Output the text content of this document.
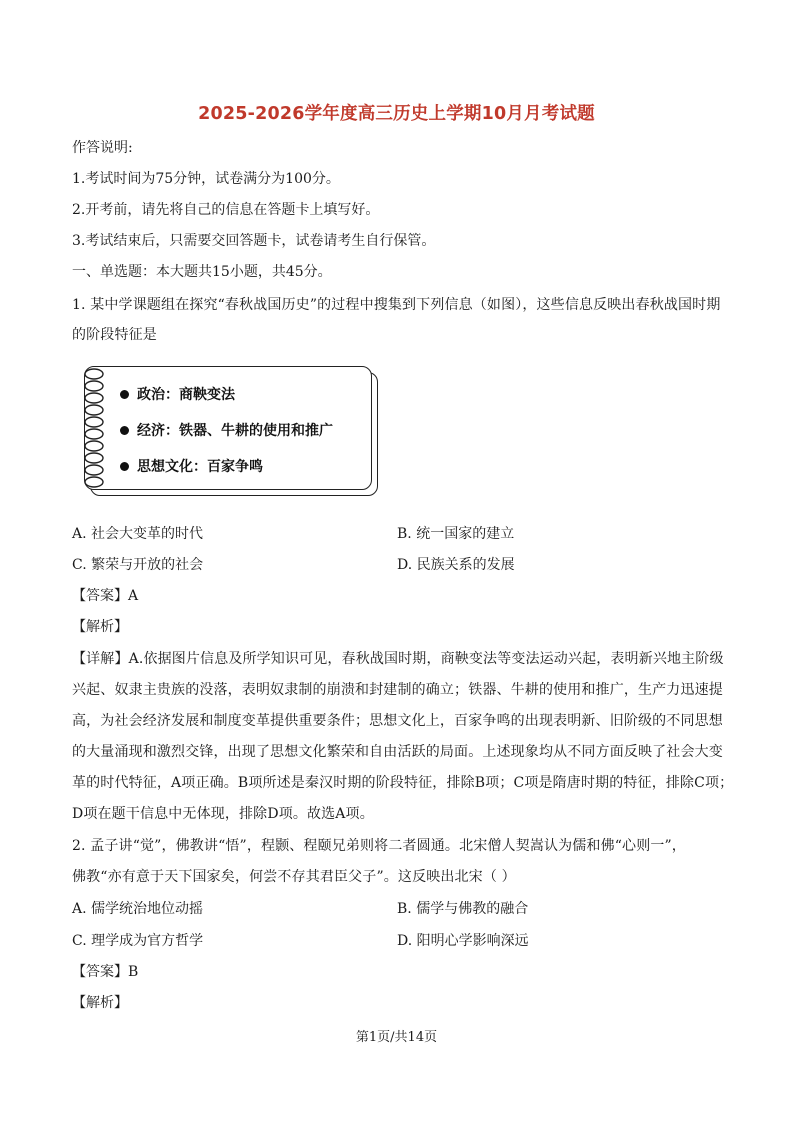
2025-2026学年度高三历史上学期10月月考试题
作答说明:
1.考试时间为75分钟，试卷满分为100分。
2.开考前，请先将自己的信息在答题卡上填写好。
3.考试结束后，只需要交回答题卡，试卷请考生自行保管。
一、单选题：本大题共15小题，共45分。
1. 某中学课题组在探究“春秋战国历史”的过程中搜集到下列信息（如图），这些信息反映出春秋战国时期
的阶段特征是
政治：商鞅变法
经济：铁器、牛耕的使用和推广
思想文化：百家争鸣
A. 社会大变革的时代	B. 统一国家的建立
C. 繁荣与开放的社会	D. 民族关系的发展
【答案】A
【解析】
【详解】A.依据图片信息及所学知识可见，春秋战国时期，商鞅变法等变法运动兴起，表明新兴地主阶级
兴起、奴隶主贵族的没落，表明奴隶制的崩溃和封建制的确立；铁器、牛耕的使用和推广，生产力迅速提
高，为社会经济发展和制度变革提供重要条件；思想文化上，百家争鸣的出现表明新、旧阶级的不同思想
的大量涌现和激烈交锋，出现了思想文化繁荣和自由活跃的局面。上述现象均从不同方面反映了社会大变
革的时代特征，A项正确。B项所述是秦汉时期的阶段特征，排除B项；C项是隋唐时期的特征，排除C项；
D项在题干信息中无体现，排除D项。故选A项。
2. 孟子讲“觉”，佛教讲“悟”，程颢、程颐兄弟则将二者圆通。北宋僧人契嵩认为儒和佛“心则一”，
佛教“亦有意于天下国家矣，何尝不存其君臣父子”。这反映出北宋（ ）
A. 儒学统治地位动摇	B. 儒学与佛教的融合
C. 理学成为官方哲学	D. 阳明心学影响深远
【答案】B
【解析】
第1页/共14页
